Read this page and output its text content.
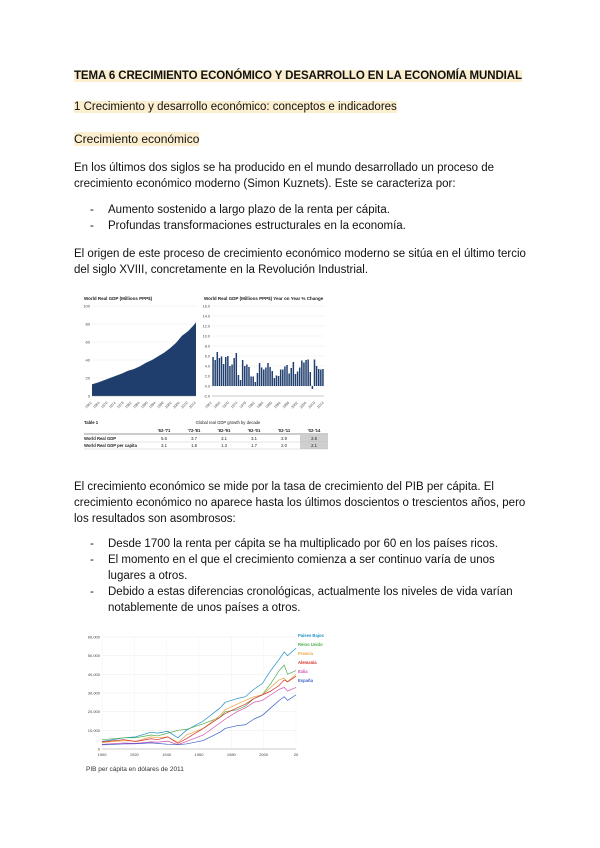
TEMA 6 CRECIMIENTO ECONÓMICO Y DESARROLLO EN LA ECONOMÍA MUNDIAL
1 Crecimiento y desarrollo económico: conceptos e indicadores
Crecimiento económico
En los últimos dos siglos se ha producido en el mundo desarrollado un proceso de crecimiento económico moderno (Simon Kuznets). Este se caracteriza por:
- Aumento sostenido a largo plazo de la renta per cápita.
- Profundas transformaciones estructurales en la economía.
El origen de este proceso de crecimiento económico moderno se sitúa en el último tercio del siglo XVIII, concretamente en la Revolución Industrial.
World Real GDP (Millions PPP$)
0
20
40
60
80
100
1962 1966 1970 1974 1978 1982 1986 1990 1994 1998 2002 2006 2010 2014
World Real GDP (Millions PPP$) Year on Year % Change
16.0
14.0
12.0
10.0
8.0
6.0
4.0
2.0
0.0
-2.0
1962 1966 1970 1974 1978 1982 1986 1990 1994 1998 2002 2006 2010 2014
Table 1	Global real GDP growth by decade
'62-'71	'72-'81	'82-'91	'92-'01	'02-'11	'02-'14
World Real GDP	5.5	3.7	3.1	3.1	2.9	2.6
World Real GDP per capita	3.1	1.8	1.3	1.7	2.0	2.1
El crecimiento económico se mide por la tasa de crecimiento del PIB per cápita. El crecimiento económico no aparece hasta los últimos doscientos o trescientos años, pero los resultados son asombrosos:
- Desde 1700 la renta per cápita se ha multiplicado por 60 en los países ricos.
- El momento en el que el crecimiento comienza a ser continuo varía de unos lugares a otros.
- Debido a estas diferencias cronológicas, actualmente los niveles de vida varían notablemente de unos países a otros.
0
10,000
20,000
30,000
40,000
50,000
60,000
1900	1920	1940	1960	1980	2000	20
Países Bajos
Reino Unido
Francia
Alemania
Italia
España
PIB per cápita en dólares de 2011
